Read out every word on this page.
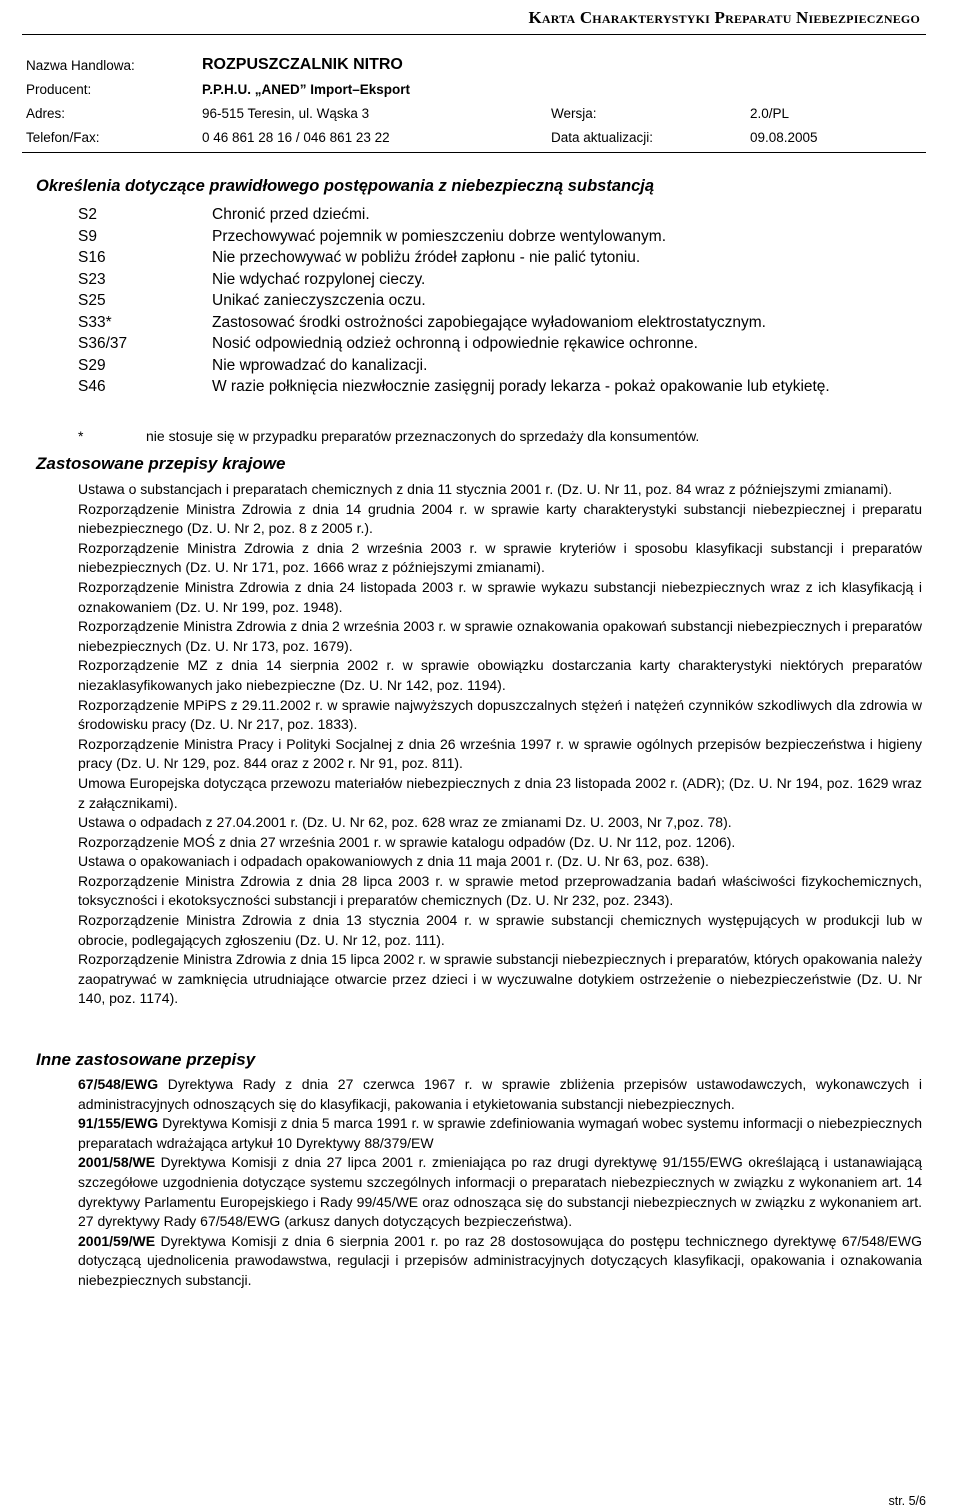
Karta Charakterystyki Preparatu Niebezpiecznego
Nazwa Handlowa:	ROZPUSZCZALNIK NITRO
Producent:	P.P.H.U. „ANED” Import–Eksport
Adres:	96-515 Teresin, ul. Wąska 3	Wersja:	2.0/PL
Telefon/Fax:	0 46 861 28 16 / 046 861 23 22	Data aktualizacji:	09.08.2005
Określenia dotyczące prawidłowego postępowania z niebezpieczną substancją
S2	Chronić przed dziećmi.
S9	Przechowywać pojemnik w pomieszczeniu dobrze wentylowanym.
S16	Nie przechowywać w pobliżu źródeł zapłonu - nie palić tytoniu.
S23	Nie wdychać rozpylonej cieczy.
S25	Unikać zanieczyszczenia oczu.
S33*	Zastosować środki ostrożności zapobiegające wyładowaniom elektrostatycznym.
S36/37	Nosić odpowiednią odzież ochronną i odpowiednie rękawice ochronne.
S29	Nie wprowadzać do kanalizacji.
S46	W razie połknięcia niezwłocznie zasięgnij porady lekarza - pokaż opakowanie lub etykietę.
*	nie stosuje się w przypadku preparatów przeznaczonych do sprzedaży dla konsumentów.
Zastosowane przepisy krajowe

Ustawa o substancjach i preparatach chemicznych z dnia 11 stycznia 2001 r. (Dz. U. Nr 11, poz. 84 wraz z późniejszymi zmianami).

Rozporządzenie Ministra Zdrowia z dnia 14 grudnia 2004 r. w sprawie karty charakterystyki substancji niebezpiecznej i preparatu niebezpiecznego (Dz. U. Nr 2, poz. 8 z 2005 r.).

Rozporządzenie Ministra Zdrowia z dnia 2 września 2003 r. w sprawie kryteriów i sposobu klasyfikacji substancji i preparatów niebezpiecznych (Dz. U. Nr 171, poz. 1666 wraz z późniejszymi zmianami).

Rozporządzenie Ministra Zdrowia z dnia 24 listopada 2003 r. w sprawie wykazu substancji niebezpiecznych wraz z ich klasyfikacją i oznakowaniem (Dz. U. Nr 199, poz. 1948).

Rozporządzenie Ministra Zdrowia z dnia 2 września 2003 r. w sprawie oznakowania opakowań substancji niebezpiecznych i preparatów niebezpiecznych (Dz. U. Nr 173, poz. 1679).

Rozporządzenie MZ z dnia 14 sierpnia 2002 r. w sprawie obowiązku dostarczania karty charakterystyki niektórych preparatów niezaklasyfikowanych jako niebezpieczne (Dz. U. Nr 142, poz. 1194).

Rozporządzenie MPiPS z 29.11.2002 r. w sprawie najwyższych dopuszczalnych stężeń i natężeń czynników szkodliwych dla zdrowia w środowisku pracy (Dz. U. Nr 217, poz. 1833).

Rozporządzenie Ministra Pracy i Polityki Socjalnej z dnia 26 września 1997 r. w sprawie ogólnych przepisów bezpieczeństwa i higieny pracy (Dz. U. Nr 129, poz. 844 oraz z 2002 r. Nr 91, poz. 811).

Umowa Europejska dotycząca przewozu materiałów niebezpiecznych z dnia 23 listopada 2002 r. (ADR); (Dz. U. Nr 194, poz. 1629 wraz z załącznikami).

Ustawa o odpadach z 27.04.2001 r. (Dz. U. Nr 62, poz. 628 wraz ze zmianami Dz. U. 2003, Nr 7,poz. 78).

Rozporządzenie MOŚ z dnia 27 września 2001 r. w sprawie katalogu odpadów (Dz. U. Nr 112, poz. 1206).

Ustawa o opakowaniach i odpadach opakowaniowych z dnia 11 maja 2001 r. (Dz. U. Nr 63, poz. 638).

Rozporządzenie Ministra Zdrowia z dnia 28 lipca 2003 r. w sprawie metod przeprowadzania badań właściwości fizykochemicznych, toksyczności i ekotoksyczności substancji i preparatów chemicznych (Dz. U. Nr 232, poz. 2343).

Rozporządzenie Ministra Zdrowia z dnia 13 stycznia 2004 r. w sprawie substancji chemicznych występujących w produkcji lub w obrocie, podlegających zgłoszeniu (Dz. U. Nr 12, poz. 111).

Rozporządzenie Ministra Zdrowia z dnia 15 lipca 2002 r. w sprawie substancji niebezpiecznych i preparatów, których opakowania należy zaopatrywać w zamknięcia utrudniające otwarcie przez dzieci i w wyczuwalne dotykiem ostrzeżenie o niebezpieczeństwie (Dz. U. Nr 140, poz. 1174).

Inne zastosowane przepisy

67/548/EWG Dyrektywa Rady z dnia 27 czerwca 1967 r. w sprawie zbliżenia przepisów ustawodawczych, wykonawczych i administracyjnych odnoszących się do klasyfikacji, pakowania i etykietowania substancji niebezpiecznych.

91/155/EWG Dyrektywa Komisji z dnia 5 marca 1991 r. w sprawie zdefiniowania wymagań wobec systemu informacji o niebezpiecznych preparatach wdrażająca artykuł 10 Dyrektywy 88/379/EW

2001/58/WE Dyrektywa Komisji z dnia 27 lipca 2001 r. zmieniająca po raz drugi dyrektywę 91/155/EWG określającą i ustanawiającą szczegółowe uzgodnienia dotyczące systemu szczególnych informacji o preparatach niebezpiecznych w związku z wykonaniem art. 14 dyrektywy Parlamentu Europejskiego i Rady 99/45/WE oraz odnosząca się do substancji niebezpiecznych w związku z wykonaniem art. 27 dyrektywy Rady 67/548/EWG (arkusz danych dotyczących bezpieczeństwa).

2001/59/WE Dyrektywa Komisji z dnia 6 sierpnia 2001 r. po raz 28 dostosowująca do postępu technicznego dyrektywę 67/548/EWG dotyczącą ujednolicenia prawodawstwa, regulacji i przepisów administracyjnych dotyczących klasyfikacji, opakowania i oznakowania niebezpiecznych substancji.

str. 5/6
